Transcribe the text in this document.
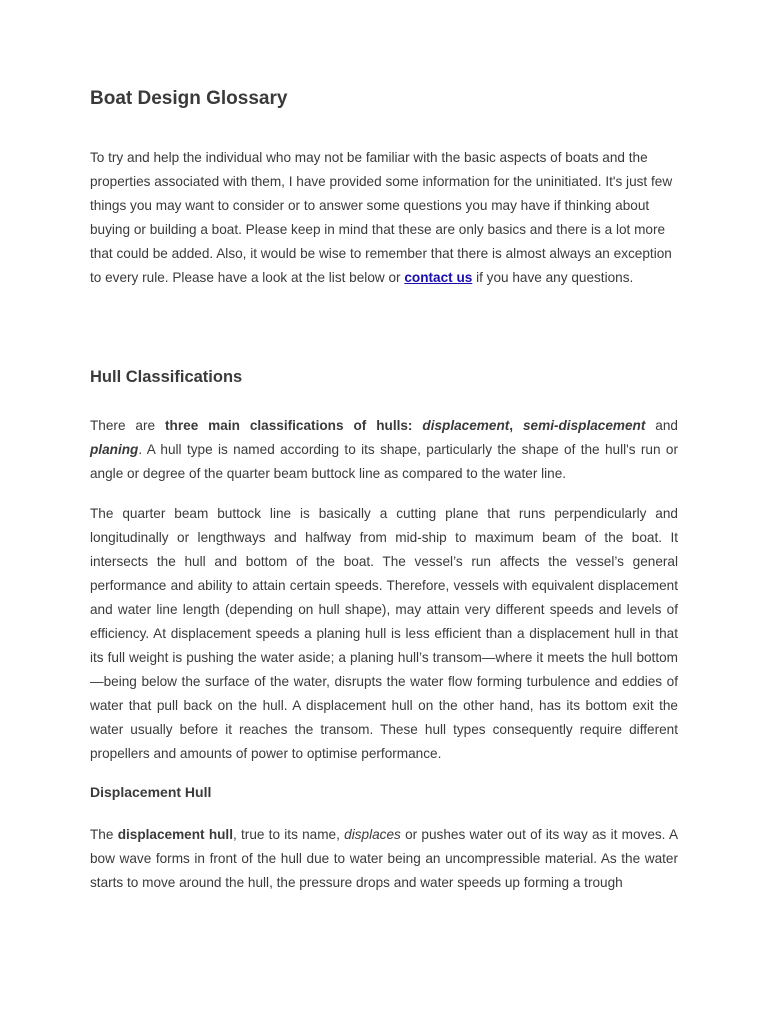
Boat Design Glossary

To try and help the individual who may not be familiar with the basic aspects of boats and the properties associated with them, I have provided some information for the uninitiated. It's just few things you may want to consider or to answer some questions you may have if thinking about buying or building a boat. Please keep in mind that these are only basics and there is a lot more that could be added. Also, it would be wise to remember that there is almost always an exception to every rule. Please have a look at the list below or contact us if you have any questions.

Hull Classifications

There are three main classifications of hulls: displacement, semi-displacement and planing. A hull type is named according to its shape, particularly the shape of the hull's run or angle or degree of the quarter beam buttock line as compared to the water line.

The quarter beam buttock line is basically a cutting plane that runs perpendicularly and longitudinally or lengthways and halfway from mid-ship to maximum beam of the boat. It intersects the hull and bottom of the boat. The vessel’s run affects the vessel’s general performance and ability to attain certain speeds. Therefore, vessels with equivalent displacement and water line length (depending on hull shape), may attain very different speeds and levels of efficiency. At displacement speeds a planing hull is less efficient than a displacement hull in that its full weight is pushing the water aside; a planing hull’s transom—where it meets the hull bottom—being below the surface of the water, disrupts the water flow forming turbulence and eddies of water that pull back on the hull. A displacement hull on the other hand, has its bottom exit the water usually before it reaches the transom. These hull types consequently require different propellers and amounts of power to optimise performance.

Displacement Hull

The displacement hull, true to its name, displaces or pushes water out of its way as it moves. A bow wave forms in front of the hull due to water being an uncompressible material. As the water starts to move around the hull, the pressure drops and water speeds up forming a trough
